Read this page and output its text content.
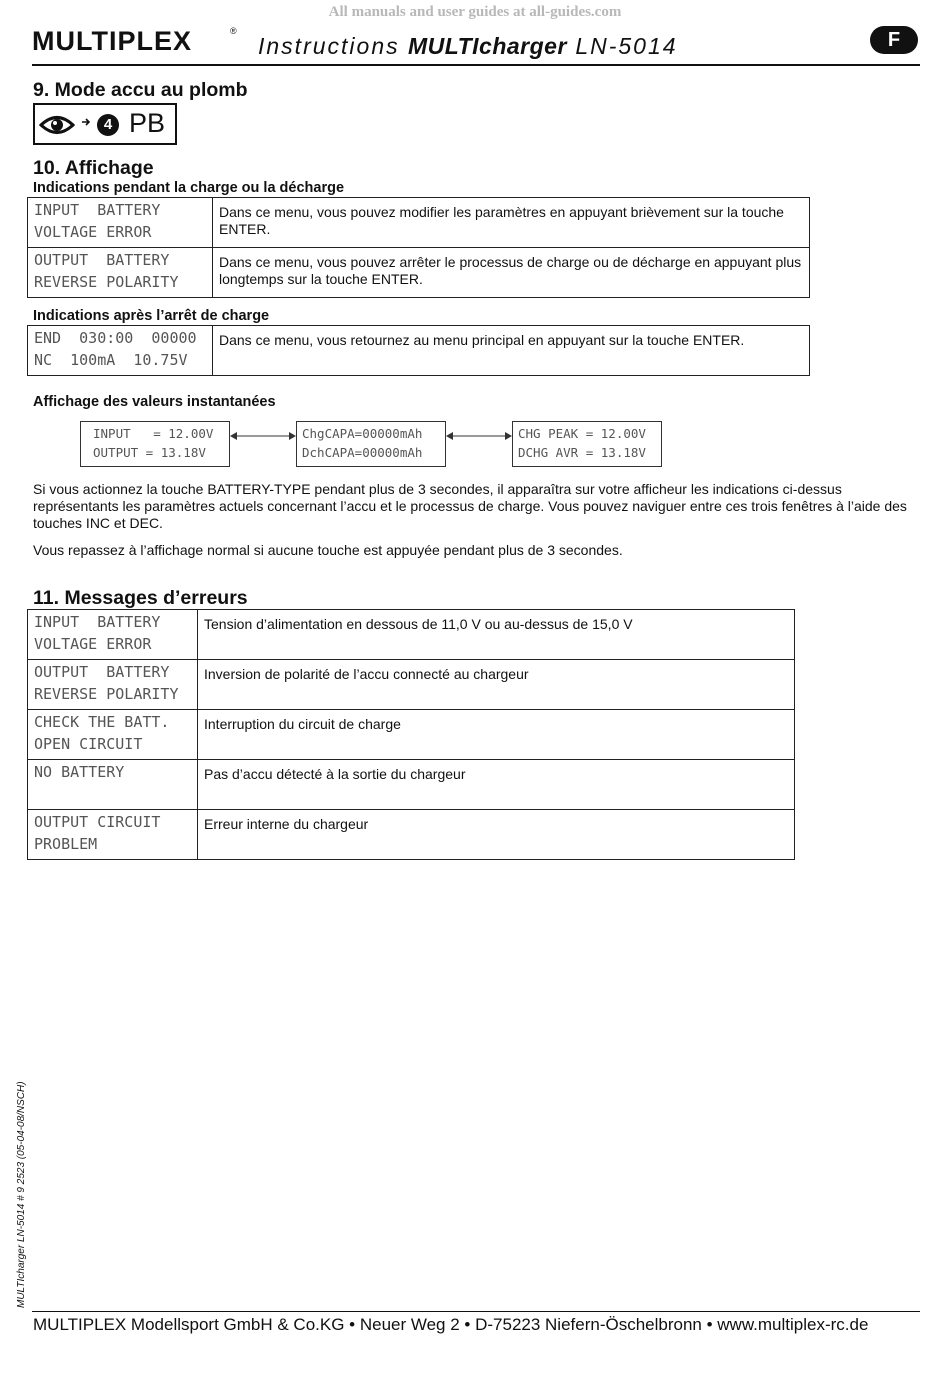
All manuals and user guides at all-guides.com
MULTIPLEX	®
Instructions MULTIcharger LN-5014	F
9. Mode accu au plomb
4 PB
10. Affichage
Indications pendant la charge ou la décharge
INPUT  BATTERY
VOLTAGE ERROR	Dans ce menu, vous pouvez modifier les paramètres en appuyant brièvement sur la touche ENTER.

OUTPUT  BATTERY
REVERSE POLARITY	Dans ce menu, vous pouvez arrêter le processus de charge ou de décharge en appuyant plus longtemps sur la touche ENTER.
Indications après l’arrêt de charge
END  030:00  00000
NC  100mA  10.75V
	Dans ce menu, vous retournez au menu principal en appuyant sur la touche ENTER.
Affichage des valeurs instantanées
INPUT   = 12.00V
OUTPUT = 13.18V
ChgCAPA=00000mAh
DchCAPA=00000mAh
CHG PEAK = 12.00V
DCHG AVR = 13.18V
Si vous actionnez la touche BATTERY-TYPE pendant plus de 3 secondes, il apparaîtra sur votre afficheur les indications ci-dessus représentants les paramètres actuels concernant l’accu et le processus de charge. Vous pouvez naviguer entre ces trois fenêtres à l’aide des touches INC et DEC.
Vous repassez à l’affichage normal si aucune touche est appuyée pendant plus de 3 secondes.
11. Messages d’erreurs
INPUT  BATTERY
VOLTAGE ERROR	Tension d’alimentation en dessous de 11,0 V ou au-dessus de 15,0 V

OUTPUT  BATTERY
REVERSE POLARITY	Inversion de polarité de l’accu connecté au chargeur

CHECK THE BATT.
OPEN CIRCUIT	Interruption du circuit de charge

NO BATTERY	Pas d’accu détecté à la sortie du chargeur

OUTPUT CIRCUIT
PROBLEM	Erreur interne du chargeur
MULTIcharger LN-5014 # 9 2523 (05-04-08/NSCH)
MULTIPLEX Modellsport GmbH & Co.KG • Neuer Weg 2 • D-75223 Niefern-Öschelbronn • www.multiplex-rc.de
